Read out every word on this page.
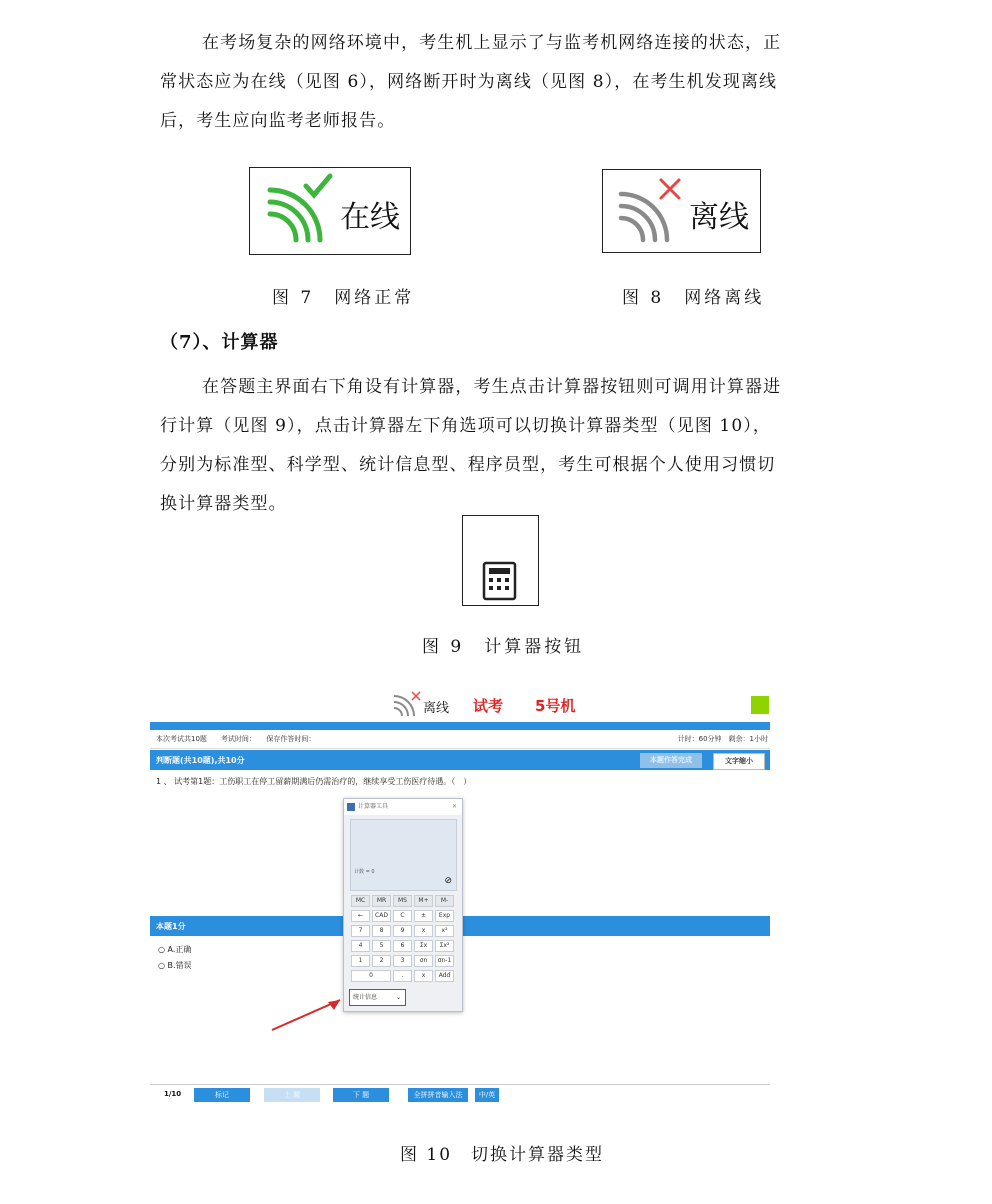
在考场复杂的网络环境中，考生机上显示了与监考机网络连接的状态，正

常状态应为在线（见图 6），网络断开时为离线（见图 8），在考生机发现离线

后，考生应向监考老师报告。

在线
图 7　网络正常
离线
图 8　网络离线
（7）、计算器

在答题主界面右下角设有计算器，考生点击计算器按钮则可调用计算器进

行计算（见图 9），点击计算器左下角选项可以切换计算器类型（见图 10），

分别为标准型、科学型、统计信息型、程序员型，考生可根据个人使用习惯切

换计算器类型。

图 9　计算器按钮
离线 试考 5号机
本次考试共10题　　考试时间：　　保存作答时间：	计时：60分钟　剩余：1小时
判断题(共10题),共10分	本题作答完成	文字缩小
1 、 试考第1题：工伤职工在停工留薪期满后仍需治疗的，继续享受工伤医疗待遇。（　）
本题1分
○ A.正确
○ B.错误
计算器工具	✕
计数 = 0
⊘
MC	MR	MS	M+	M-
←	CAD	C	±	Exp
7	8	9	x	x²
4	5	6	Σx	Σx²
1	2	3	σn	σn-1
0	.	x	Add
统计信息	⌄
1/10	标记	上 题	下 题	全拼拼音输入法	中/英
图 10　切换计算器类型
